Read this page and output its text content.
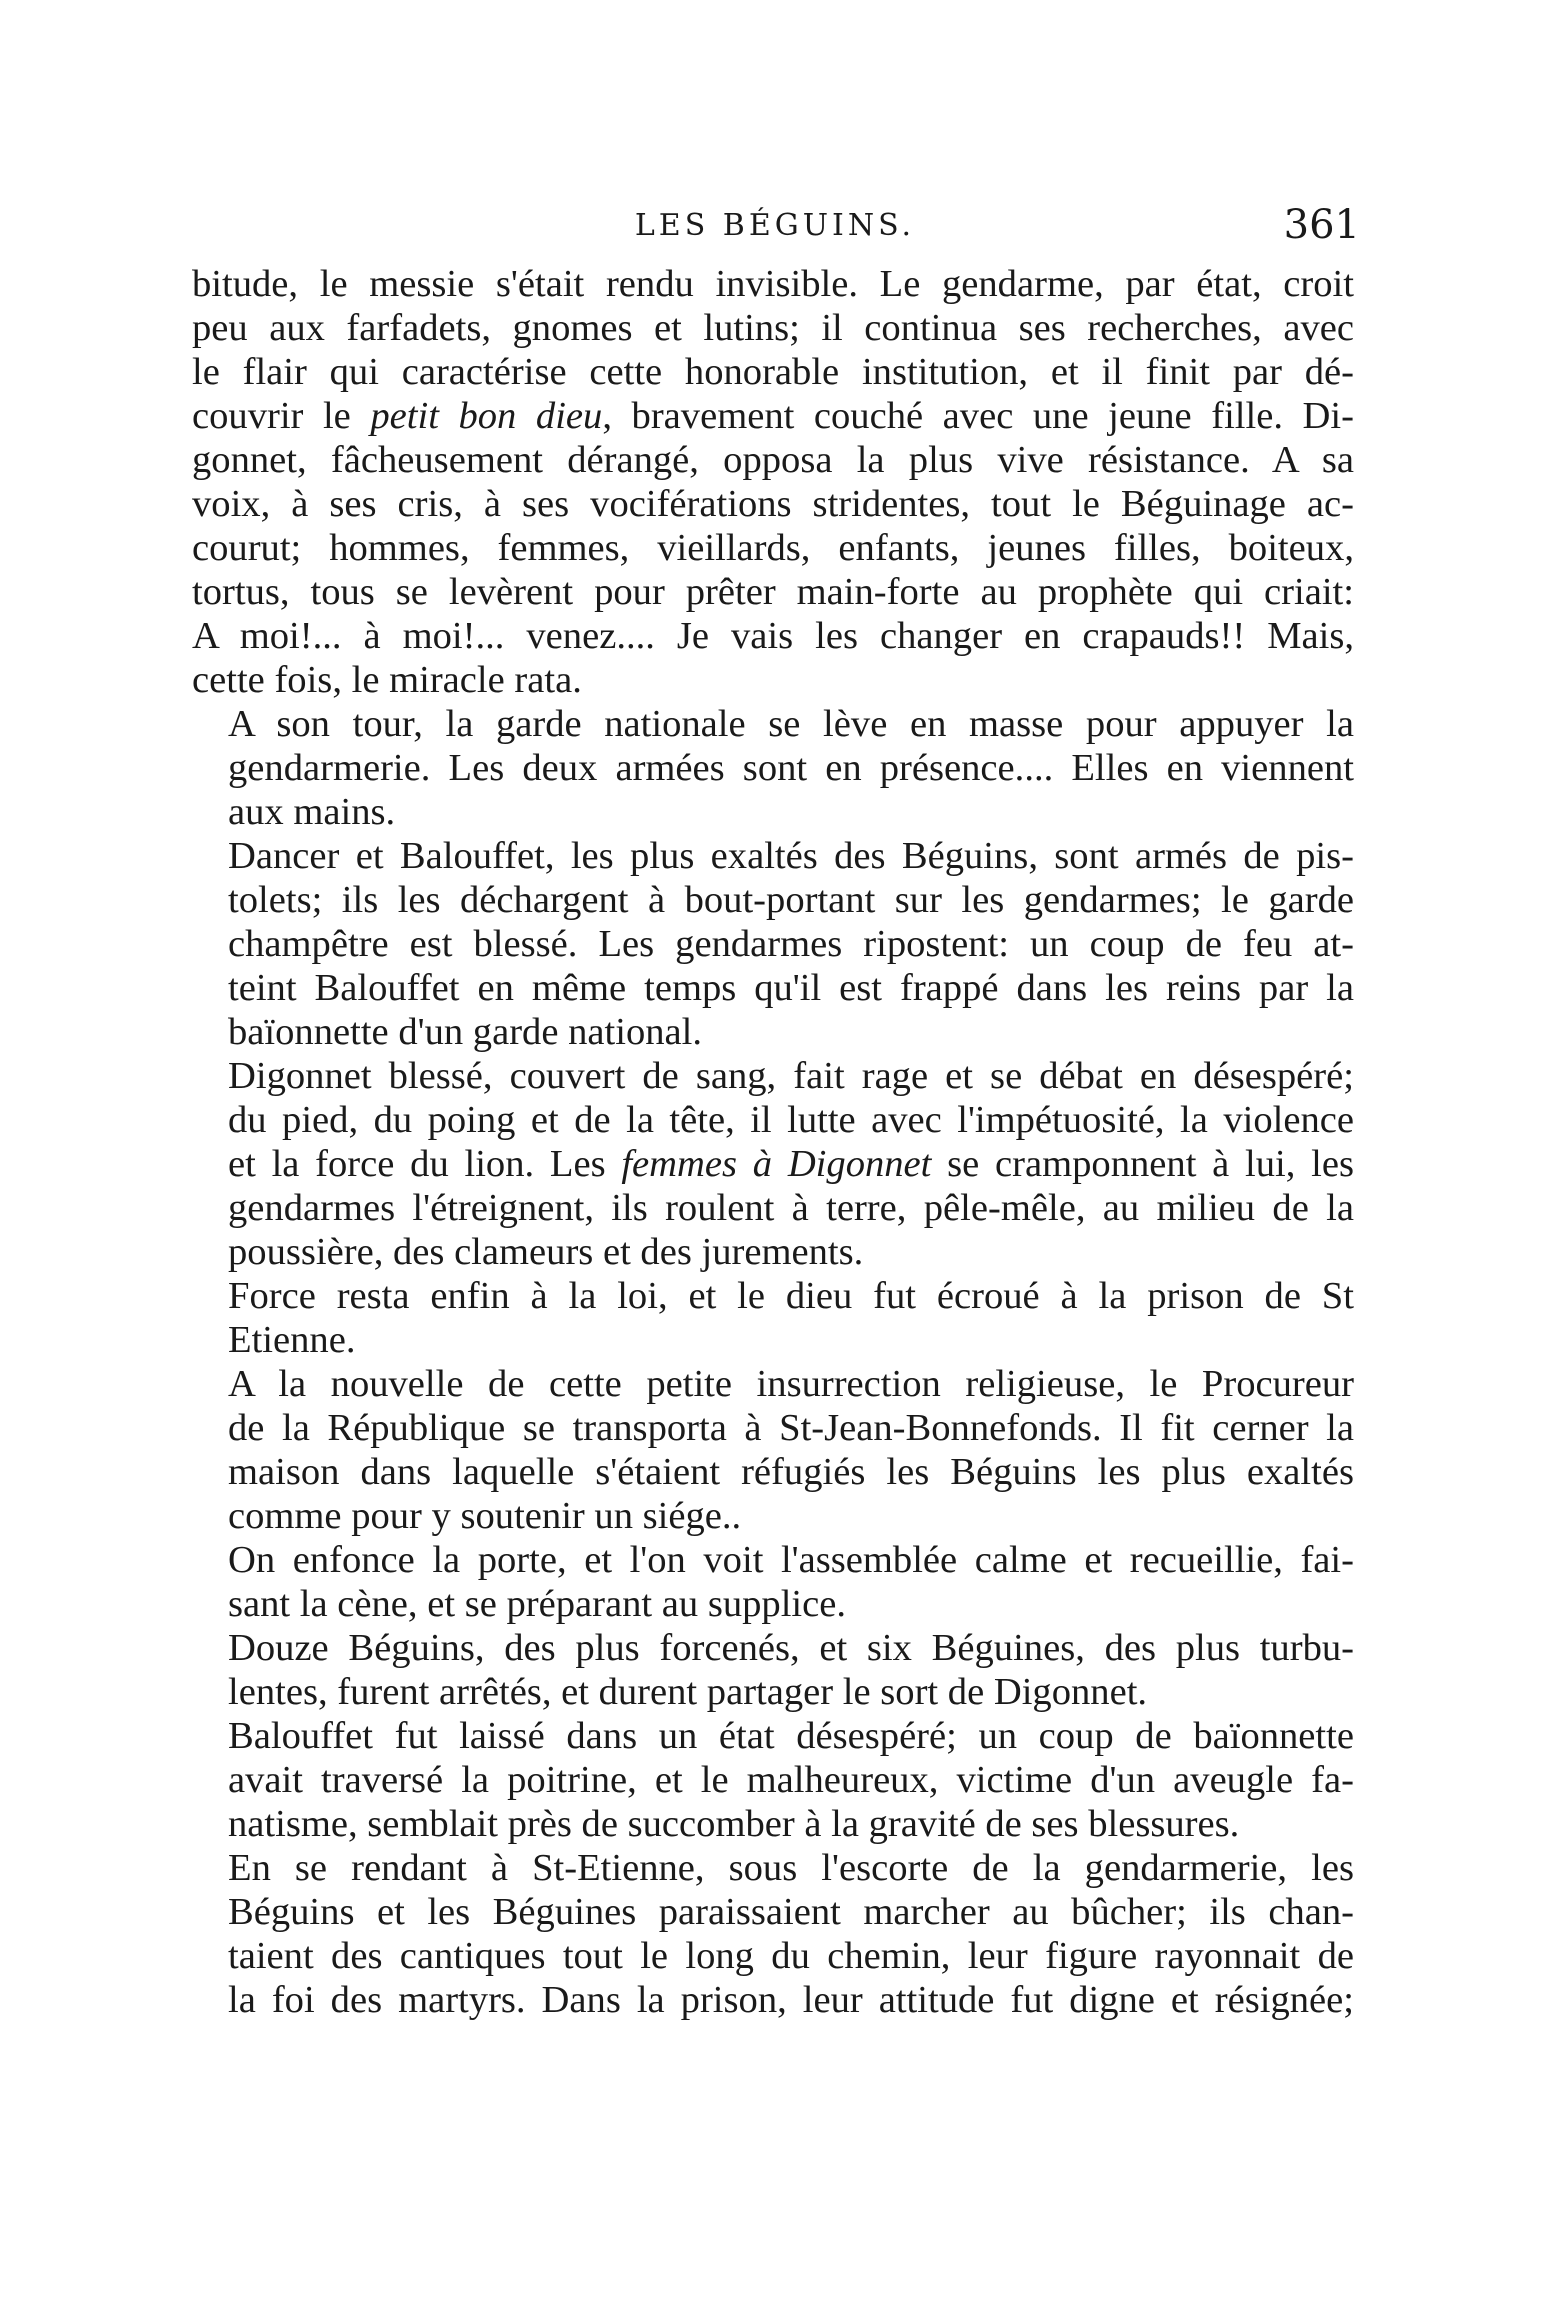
LES BÉGUINS.	361
bitude, le messie s'était rendu invisible. Le gendarme, par état, croit
peu aux farfadets, gnomes et lutins; il continua ses recherches, avec
le flair qui caractérise cette honorable institution, et il finit par dé-
couvrir le petit bon dieu, bravement couché avec une jeune fille. Di-
gonnet, fâcheusement dérangé, opposa la plus vive résistance. A sa
voix, à ses cris, à ses vociférations stridentes, tout le Béguinage ac-
courut; hommes, femmes, vieillards, enfants, jeunes filles, boiteux,
tortus, tous se levèrent pour prêter main-forte au prophète qui criait:
A moi!... à moi!... venez.... Je vais les changer en crapauds!! Mais,
cette fois, le miracle rata.
A son tour, la garde nationale se lève en masse pour appuyer la
gendarmerie. Les deux armées sont en présence.... Elles en viennent
aux mains.
Dancer et Balouffet, les plus exaltés des Béguins, sont armés de pis-
tolets; ils les déchargent à bout-portant sur les gendarmes; le garde
champêtre est blessé. Les gendarmes ripostent: un coup de feu at-
teint Balouffet en même temps qu'il est frappé dans les reins par la
baïonnette d'un garde national.
Digonnet blessé, couvert de sang, fait rage et se débat en désespéré;
du pied, du poing et de la tête, il lutte avec l'impétuosité, la violence
et la force du lion. Les femmes à Digonnet se cramponnent à lui, les
gendarmes l'étreignent, ils roulent à terre, pêle-mêle, au milieu de la
poussière, des clameurs et des jurements.
Force resta enfin à la loi, et le dieu fut écroué à la prison de St
Etienne.
A la nouvelle de cette petite insurrection religieuse, le Procureur
de la République se transporta à St-Jean-Bonnefonds. Il fit cerner la
maison dans laquelle s'étaient réfugiés les Béguins les plus exaltés
comme pour y soutenir un siége..
On enfonce la porte, et l'on voit l'assemblée calme et recueillie, fai-
sant la cène, et se préparant au supplice.
Douze Béguins, des plus forcenés, et six Béguines, des plus turbu-
lentes, furent arrêtés, et durent partager le sort de Digonnet.
Balouffet fut laissé dans un état désespéré; un coup de baïonnette
avait traversé la poitrine, et le malheureux, victime d'un aveugle fa-
natisme, semblait près de succomber à la gravité de ses blessures.
En se rendant à St-Etienne, sous l'escorte de la gendarmerie, les
Béguins et les Béguines paraissaient marcher au bûcher; ils chan-
taient des cantiques tout le long du chemin, leur figure rayonnait de
la foi des martyrs. Dans la prison, leur attitude fut digne et résignée;
